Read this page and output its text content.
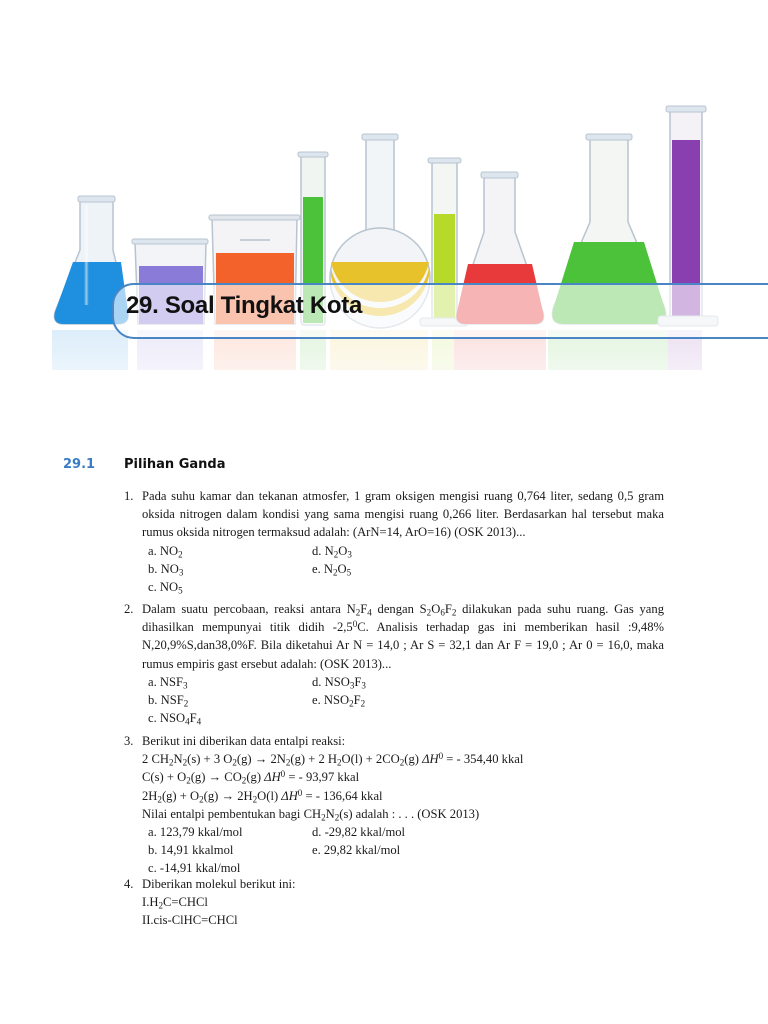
29. Soal Tingkat Kota
29.1 Pilihan Ganda
1. Pada suhu kamar dan tekanan atmosfer, 1 gram oksigen mengisi ruang 0,764 liter, sedang 0,5 gram oksida nitrogen dalam kondisi yang sama mengisi ruang 0,266 liter. Berdasarkan hal tersebut maka rumus oksida nitrogen termaksud adalah: (ArN=14, ArO=16) (OSK 2013)...
a. $NO_2$	d. $N_2O_3$
b. $NO_3$	e. $N_2O_5$
c. $NO_5$
2. Dalam suatu percobaan, reaksi antara $N_2F_4$ dengan $S_2O_6F_2$ dilakukan pada suhu ruang. Gas yang dihasilkan mempunyai titik didih $-2,5^0C$. Analisis terhadap gas ini memberikan hasil :9,48% N,20,9%S,dan38,0%F. Bila diketahui Ar N = 14,0 ; Ar S = 32,1 dan Ar F = 19,0 ; Ar 0 = 16,0, maka rumus empiris gast ersebut adalah: (OSK 2013)...
a. $NSF_3$	d. $NSO_3F_3$
b. $NSF_2$	e. $NSO_2F_2$
c. $NSO_4F_4$
3. Berikut ini diberikan data entalpi reaksi:
2 $CH_2N_2(s) + 3$ $O_2(g) \to 2N_2(g) + 2$ $H_2O(l) + 2CO_2(g) \Delta H^0$ = - 354,40 kkal
$C(s) + O_2(g) \to CO_2(g) \Delta H^0$ = - 93,97 kkal
$2H_2(g) + O_2(g) \to 2H_2O(l) \Delta H^0$ = - 136,64 kkal
Nilai entalpi pembentukan bagi $CH_2N_2(s)$ adalah : . . . (OSK 2013)
a. 123,79 kkal/mol	d. -29,82 kkal/mol
b. 14,91 kkalmol	e. 29,82 kkal/mol
c. -14,91 kkal/mol
4. Diberikan molekul berikut ini:
$I.H_2C=CHCl$
II.cis-ClHC=CHCl
